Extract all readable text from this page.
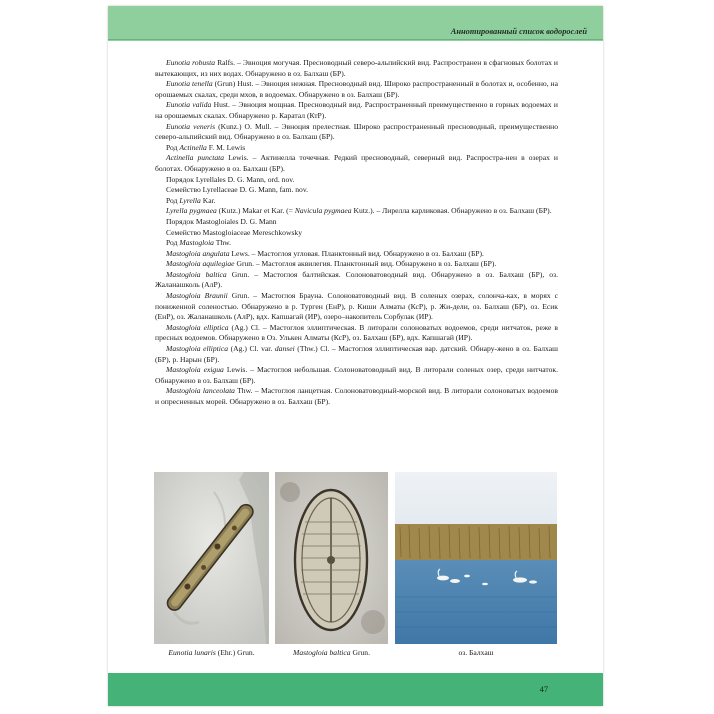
Аннотированный список водорослей

Eunotia robusta Ralfs. – Эвноция могучая. Пресноводный северо-альпийский вид. Распространен в сфагновых болотах и вытекающих, из них водах. Обнаружено в оз. Балхаш (БР).

Eunotia tenella (Grun) Hust. – Эвноция нежная. Пресноводный вид. Широко распространенный в болотах и, особенно, на орошаемых скалах, среди мхов, в водоемах. Обнаружено в оз. Балхаш (БР).

Eunotia valida Hust. – Эвноция мощная. Пресноводный вид. Распространенный преимущественно в горных водоемах и на орошаемых скалах. Обнаружено р. Каратал (КтР).

Eunotia veneris (Kunz.) O. Mull. – Эвноция прелестная. Широко распространенный пресноводный, преимущественно северо-альпийский вид. Обнаружено в оз. Балхаш (БР).

Род Actinella F. M. Lewis

Actinella punctata Lewis. – Актинелла точечная. Редкий пресноводный, северный вид. Распростра-нен в озерах и болотах. Обнаружено в оз. Балхаш (БР).

Порядок Lyrellales D. G. Mann, ord. nov.

Семейство Lyrellaceae D. G. Mann, fam. nov.

Род Lyrella Kar.

Lyrella pygmaea (Kutz.) Makar et Kar. (= Navicula pygmaea Kutz.). – Лирелла карликовая. Обнаружено в оз. Балхаш (БР).

Порядок Mastogloiales D. G. Mann

Семейство Mastogloiaceae Mereschkowsky

Род Mastogloia Thw.

Mastogloia angulata Lews. – Мастоглоя угловая. Планктонный вид. Обнаружено в оз. Балхаш (БР).

Mastogloia aquilegiae Grun. – Мастоглоя аквилегия. Планктонный вид. Обнаружено в оз. Балхаш (БР).

Mastogloia baltica Grun. – Мастоглоя балтийская. Солоноватоводный вид. Обнаружено в оз. Балхаш (БР), оз. Жаланашколь (АлР).

Mastogloia Braunii Grun. – Мастоглоя Брауна. Солоноватоводный вид. В соленых озерах, солонча-ках, в морях с пониженной соленостью. Обнаружено в р. Турген (ЕнР), р. Киши Алматы (КсР), р. Жи-дели, оз. Балхаш (БР), оз. Есик (ЕнР), оз. Жаланашколь (АлР), вдх. Капшагай (ИР), озеро–накопитель Сорбулак (ИР).

Mastogloia elliptica (Ag.) Cl. – Мастоглоя эллиптическая. В литорали солоноватых водоемов, среди нитчаток, реже в пресных водоемов. Обнаружено в Оз. Улькен Алматы (КсР), оз. Балхаш (БР), вдх. Капшагай (ИР).

Mastogloia elliptica (Ag.) Cl. var. dansei (Thw.) Cl. – Мастоглоя эллиптическая вар. датский. Обнару-жено в оз. Балхаш (БР), р. Нарын (БР).

Mastogloia exigua Lewis. – Мастоглоя небольшая. Солоноватоводный вид. В литорали соленых озер, среди нитчаток. Обнаружено в оз. Балхаш (БР).

Mastogloia lanceolata Thw. – Мастоглоя ланцетная. Солоноватоводный-морской вид. В литорали солоноватых водоемов и опресненных морей. Обнаружено в оз. Балхаш (БР).

Eunotia lunaris (Ehr.) Grun.	Mastogloia baltica Grun.	оз. Балхаш
47
